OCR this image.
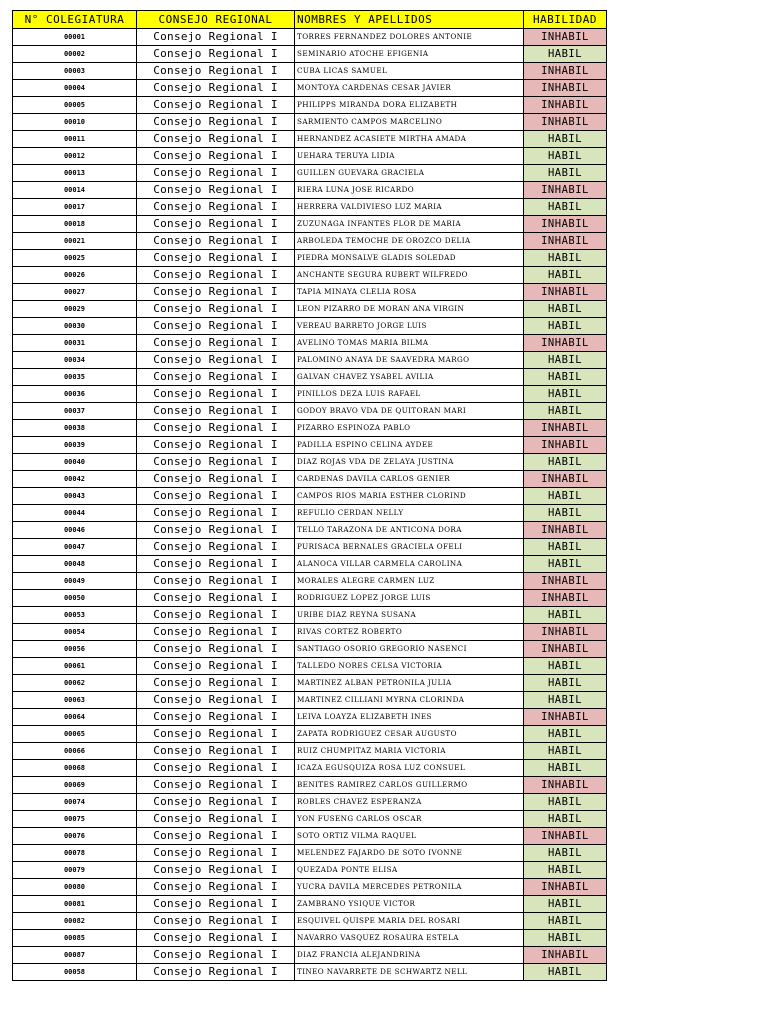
N° COLEGIATURA	CONSEJO REGIONAL	NOMBRES Y APELLIDOS	HABILIDAD
00001	Consejo Regional I	TORRES FERNANDEZ DOLORES ANTONIE	INHABIL
00002	Consejo Regional I	SEMINARIO ATOCHE EFIGENIA	HABIL
00003	Consejo Regional I	CUBA LICAS SAMUEL	INHABIL
00004	Consejo Regional I	MONTOYA CARDENAS CESAR JAVIER	INHABIL
00005	Consejo Regional I	PHILIPPS MIRANDA DORA ELIZABETH	INHABIL
00010	Consejo Regional I	SARMIENTO CAMPOS MARCELINO	INHABIL
00011	Consejo Regional I	HERNANDEZ ACASIETE MIRTHA AMADA	HABIL
00012	Consejo Regional I	UEHARA TERUYA LIDIA	HABIL
00013	Consejo Regional I	GUILLEN GUEVARA GRACIELA	HABIL
00014	Consejo Regional I	RIERA LUNA JOSE RICARDO	INHABIL
00017	Consejo Regional I	HERRERA VALDIVIESO LUZ MARIA	HABIL
00018	Consejo Regional I	ZUZUNAGA INFANTES FLOR DE MARIA	INHABIL
00021	Consejo Regional I	ARBOLEDA TEMOCHE DE OROZCO DELIA	INHABIL
00025	Consejo Regional I	PIEDRA MONSALVE GLADIS SOLEDAD	HABIL
00026	Consejo Regional I	ANCHANTE SEGURA RUBERT WILFREDO	HABIL
00027	Consejo Regional I	TAPIA MINAYA CLELIA ROSA	INHABIL
00029	Consejo Regional I	LEON PIZARRO DE MORAN ANA VIRGIN	HABIL
00030	Consejo Regional I	VEREAU BARRETO JORGE LUIS	HABIL
00031	Consejo Regional I	AVELINO TOMAS MARIA BILMA	INHABIL
00034	Consejo Regional I	PALOMINO ANAYA DE SAAVEDRA MARGO	HABIL
00035	Consejo Regional I	GALVAN CHAVEZ YSABEL AVILIA	HABIL
00036	Consejo Regional I	PINILLOS DEZA LUIS RAFAEL	HABIL
00037	Consejo Regional I	GODOY BRAVO VDA DE QUITORAN MARI	HABIL
00038	Consejo Regional I	PIZARRO ESPINOZA PABLO	INHABIL
00039	Consejo Regional I	PADILLA ESPINO CELINA AYDEE	INHABIL
00040	Consejo Regional I	DIAZ ROJAS VDA DE ZELAYA JUSTINA	HABIL
00042	Consejo Regional I	CARDENAS DAVILA CARLOS GENIER	INHABIL
00043	Consejo Regional I	CAMPOS RIOS MARIA ESTHER CLORIND	HABIL
00044	Consejo Regional I	REFULIO CERDAN NELLY	HABIL
00046	Consejo Regional I	TELLO TARAZONA DE ANTICONA DORA	INHABIL
00047	Consejo Regional I	PURISACA BERNALES GRACIELA OFELI	HABIL
00048	Consejo Regional I	ALANOCA VILLAR CARMELA CAROLINA	HABIL
00049	Consejo Regional I	MORALES ALEGRE CARMEN LUZ	INHABIL
00050	Consejo Regional I	RODRIGUEZ LOPEZ JORGE LUIS	INHABIL
00053	Consejo Regional I	URIBE DIAZ REYNA SUSANA	HABIL
00054	Consejo Regional I	RIVAS CORTEZ ROBERTO	INHABIL
00056	Consejo Regional I	SANTIAGO OSORIO GREGORIO NASENCI	INHABIL
00061	Consejo Regional I	TALLEDO NORES CELSA VICTORIA	HABIL
00062	Consejo Regional I	MARTINEZ ALBAN PETRONILA JULIA	HABIL
00063	Consejo Regional I	MARTINEZ CILLIANI MYRNA CLORINDA	HABIL
00064	Consejo Regional I	LEIVA LOAYZA ELIZABETH INES	INHABIL
00065	Consejo Regional I	ZAPATA RODRIGUEZ CESAR AUGUSTO	HABIL
00066	Consejo Regional I	RUIZ CHUMPITAZ MARIA VICTORIA	HABIL
00068	Consejo Regional I	ICAZA EGUSQUIZA ROSA LUZ CONSUEL	HABIL
00069	Consejo Regional I	BENITES RAMIREZ CARLOS GUILLERMO	INHABIL
00074	Consejo Regional I	ROBLES CHAVEZ ESPERANZA	HABIL
00075	Consejo Regional I	YON FUSENG CARLOS OSCAR	HABIL
00076	Consejo Regional I	SOTO ORTIZ VILMA RAQUEL	INHABIL
00078	Consejo Regional I	MELENDEZ FAJARDO DE SOTO IVONNE	HABIL
00079	Consejo Regional I	QUEZADA PONTE ELISA	HABIL
00080	Consejo Regional I	YUCRA DAVILA MERCEDES PETRONILA	INHABIL
00081	Consejo Regional I	ZAMBRANO YSIQUE VICTOR	HABIL
00082	Consejo Regional I	ESQUIVEL QUISPE MARIA DEL ROSARI	HABIL
00085	Consejo Regional I	NAVARRO VASQUEZ ROSAURA ESTELA	HABIL
00087	Consejo Regional I	DIAZ FRANCIA ALEJANDRINA	INHABIL
00058	Consejo Regional I	TINEO NAVARRETE DE SCHWARTZ NELL	HABIL
